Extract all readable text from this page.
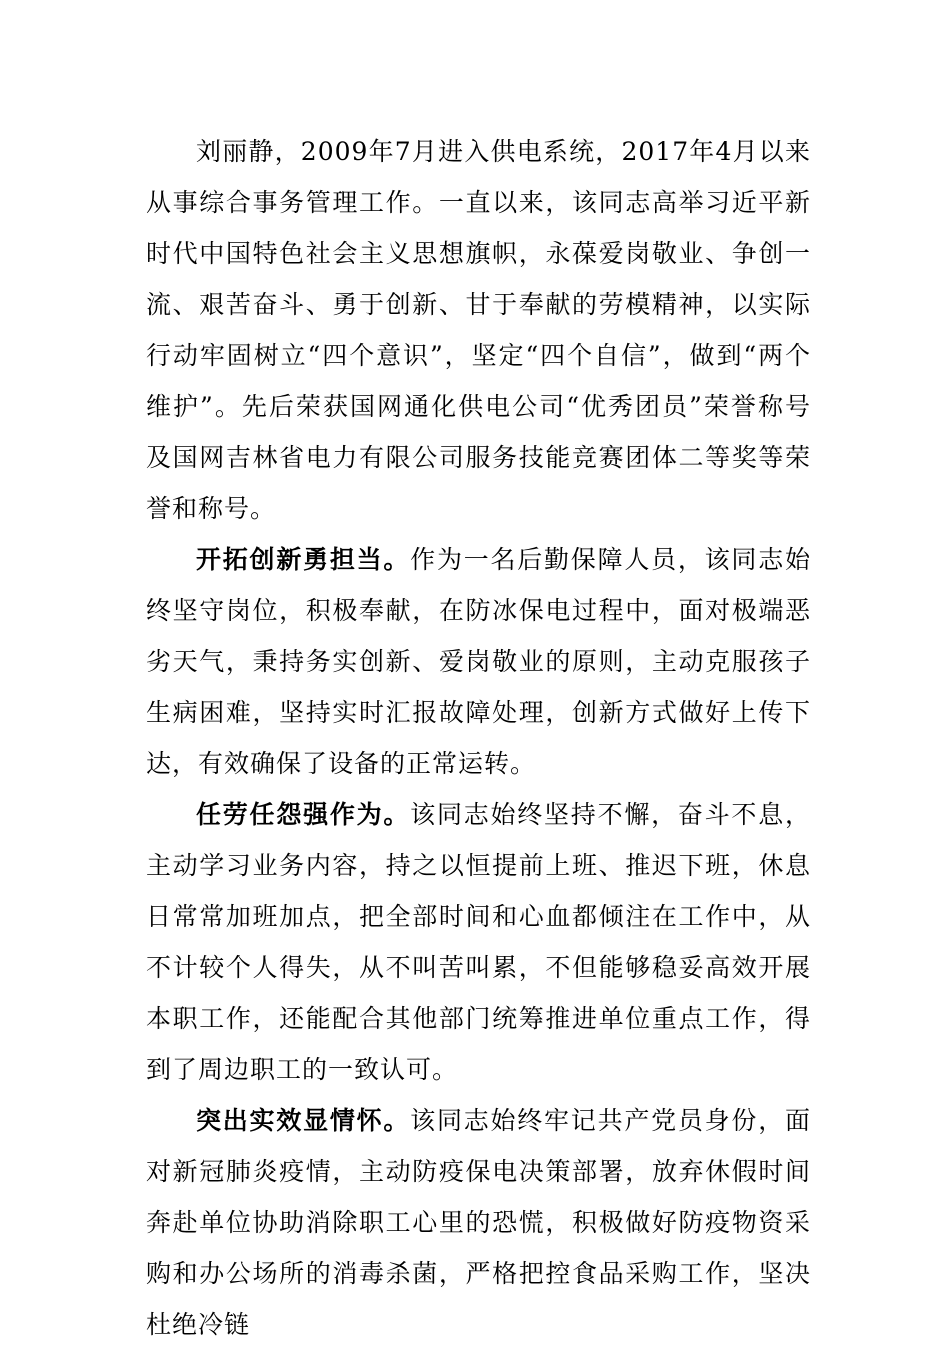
刘丽静，2009年7月进入供电系统，2017年4月以来从事综合事务管理工作。一直以来，该同志高举习近平新时代中国特色社会主义思想旗帜，永葆爱岗敬业、争创一流、艰苦奋斗、勇于创新、甘于奉献的劳模精神，以实际行动牢固树立“四个意识”，坚定“四个自信”，做到“两个维护”。先后荣获国网通化供电公司“优秀团员”荣誉称号及国网吉林省电力有限公司服务技能竞赛团体二等奖等荣誉和称号。

开拓创新勇担当。作为一名后勤保障人员，该同志始终坚守岗位，积极奉献，在防冰保电过程中，面对极端恶劣天气，秉持务实创新、爱岗敬业的原则，主动克服孩子生病困难，坚持实时汇报故障处理，创新方式做好上传下达，有效确保了设备的正常运转。

任劳任怨强作为。该同志始终坚持不懈，奋斗不息，主动学习业务内容，持之以恒提前上班、推迟下班，休息日常常加班加点，把全部时间和心血都倾注在工作中，从不计较个人得失，从不叫苦叫累，不但能够稳妥高效开展本职工作，还能配合其他部门统筹推进单位重点工作，得到了周边职工的一致认可。

突出实效显情怀。该同志始终牢记共产党员身份，面对新冠肺炎疫情，主动防疫保电决策部署，放弃休假时间奔赴单位协助消除职工心里的恐慌，积极做好防疫物资采购和办公场所的消毒杀菌，严格把控食品采购工作，坚决杜绝冷链
